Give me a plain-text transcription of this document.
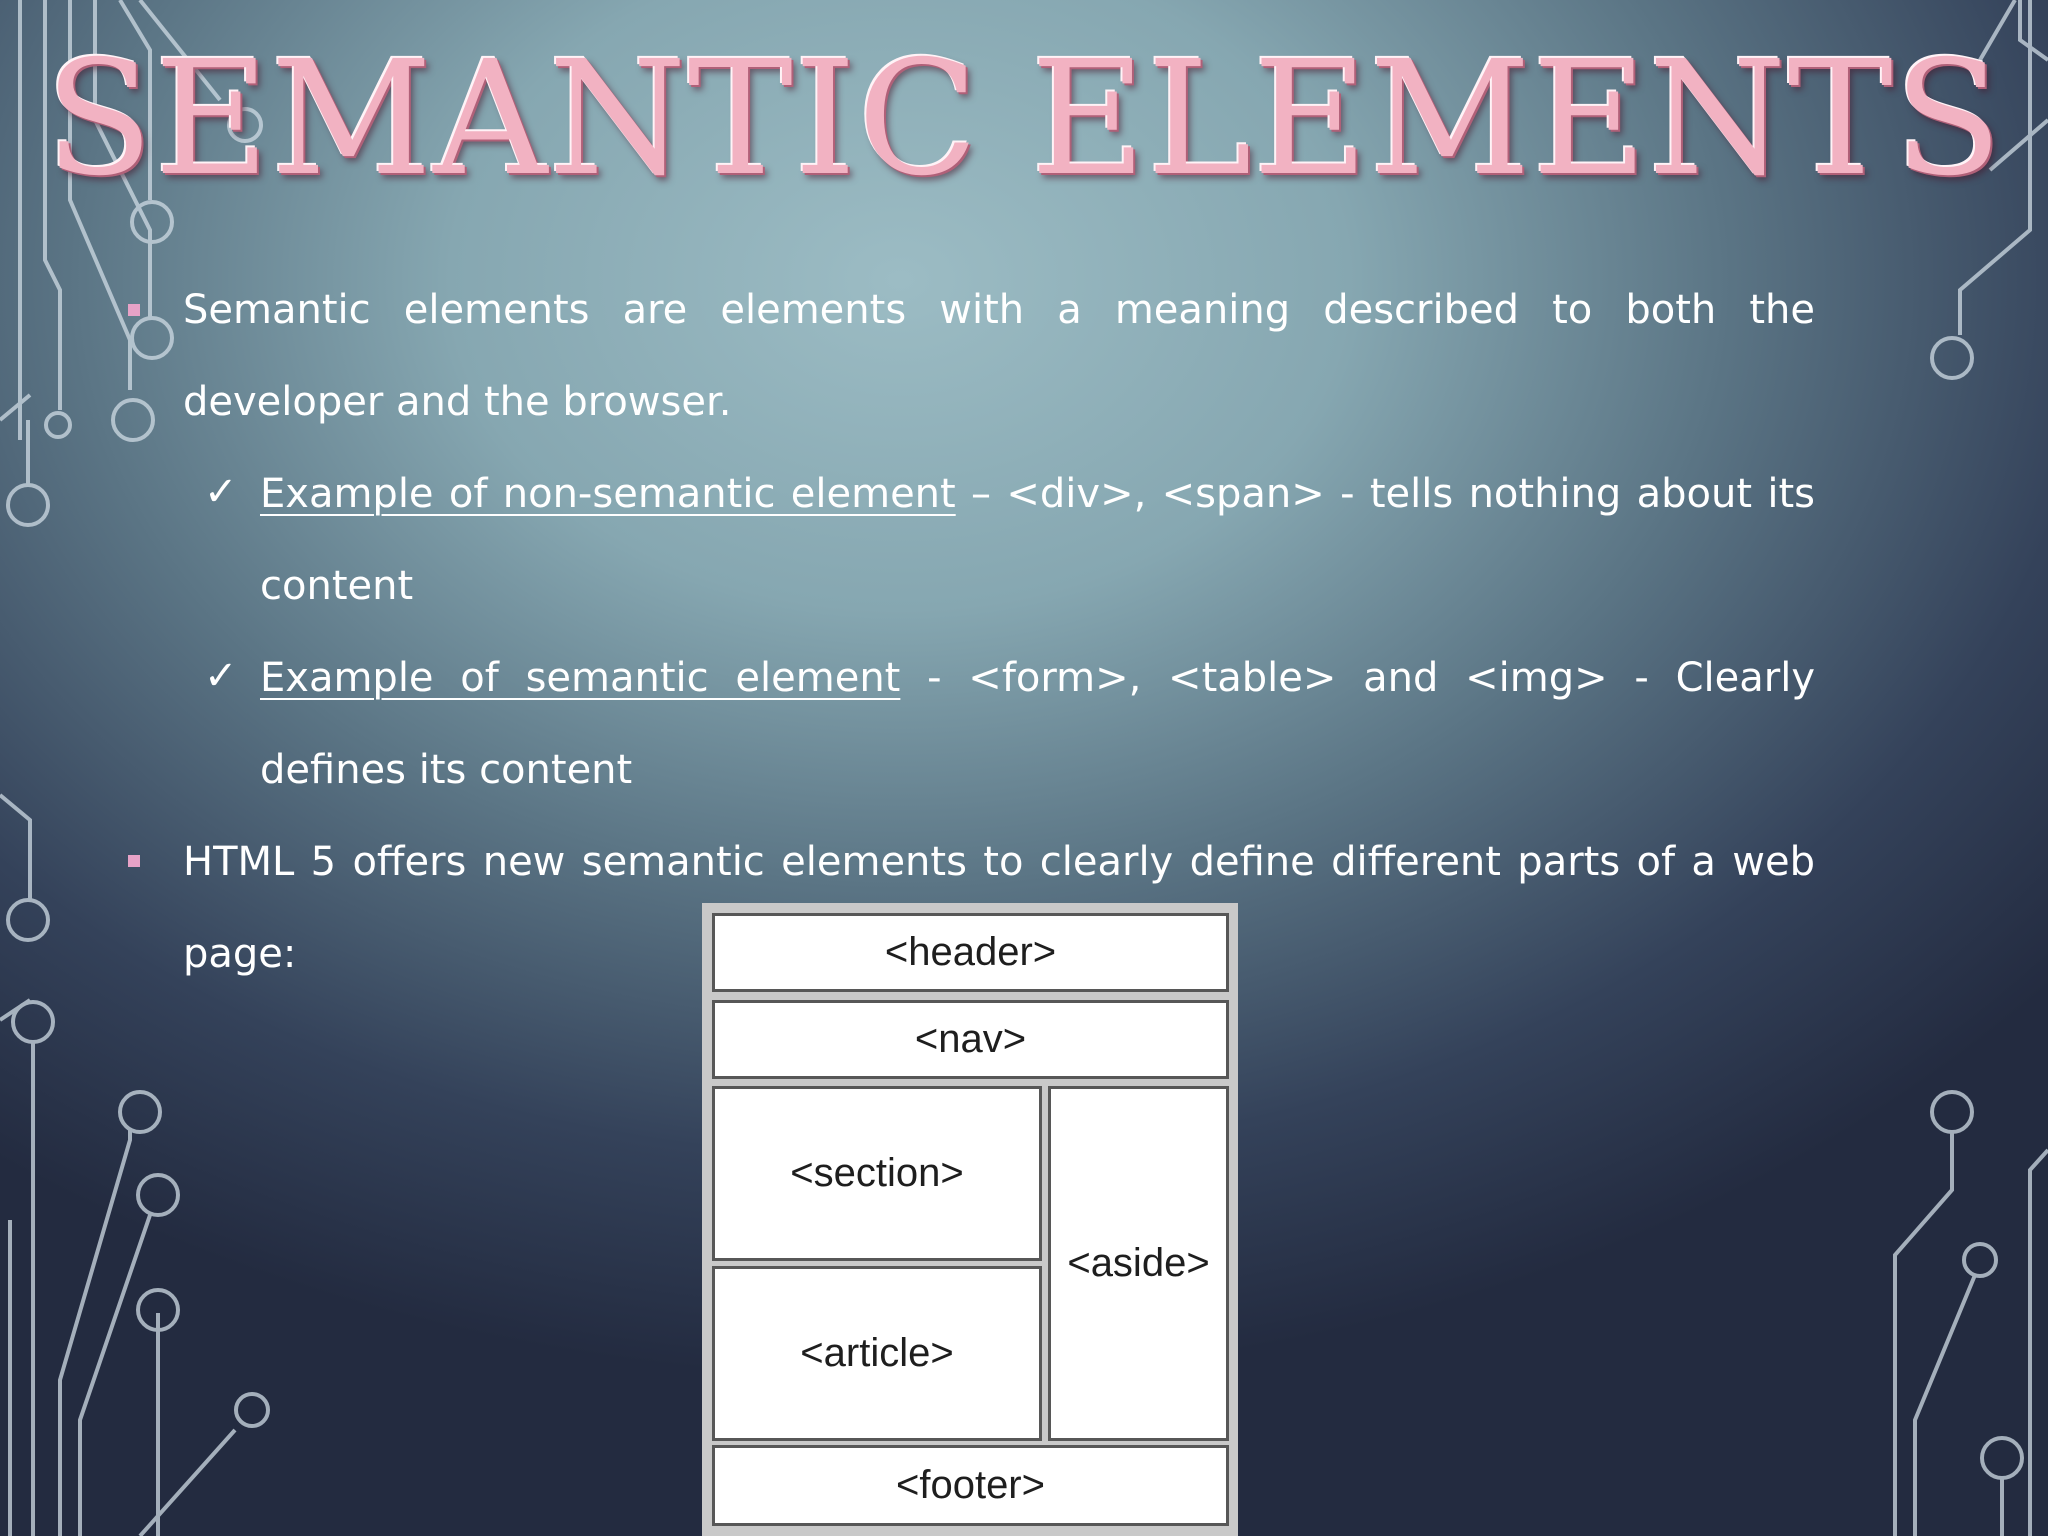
SEMANTIC ELEMENTS
Semantic elements are elements with a meaning described to both the developer and the browser.
✓ Example of non-semantic element – <div>, <span> - tells nothing about its content
✓ Example of semantic element - <form>, <table> and <img> - Clearly defines its content
HTML 5 offers new semantic elements to clearly define different parts of a web page:	<header>
<nav>
<section>
<article>
<aside>
<footer>
